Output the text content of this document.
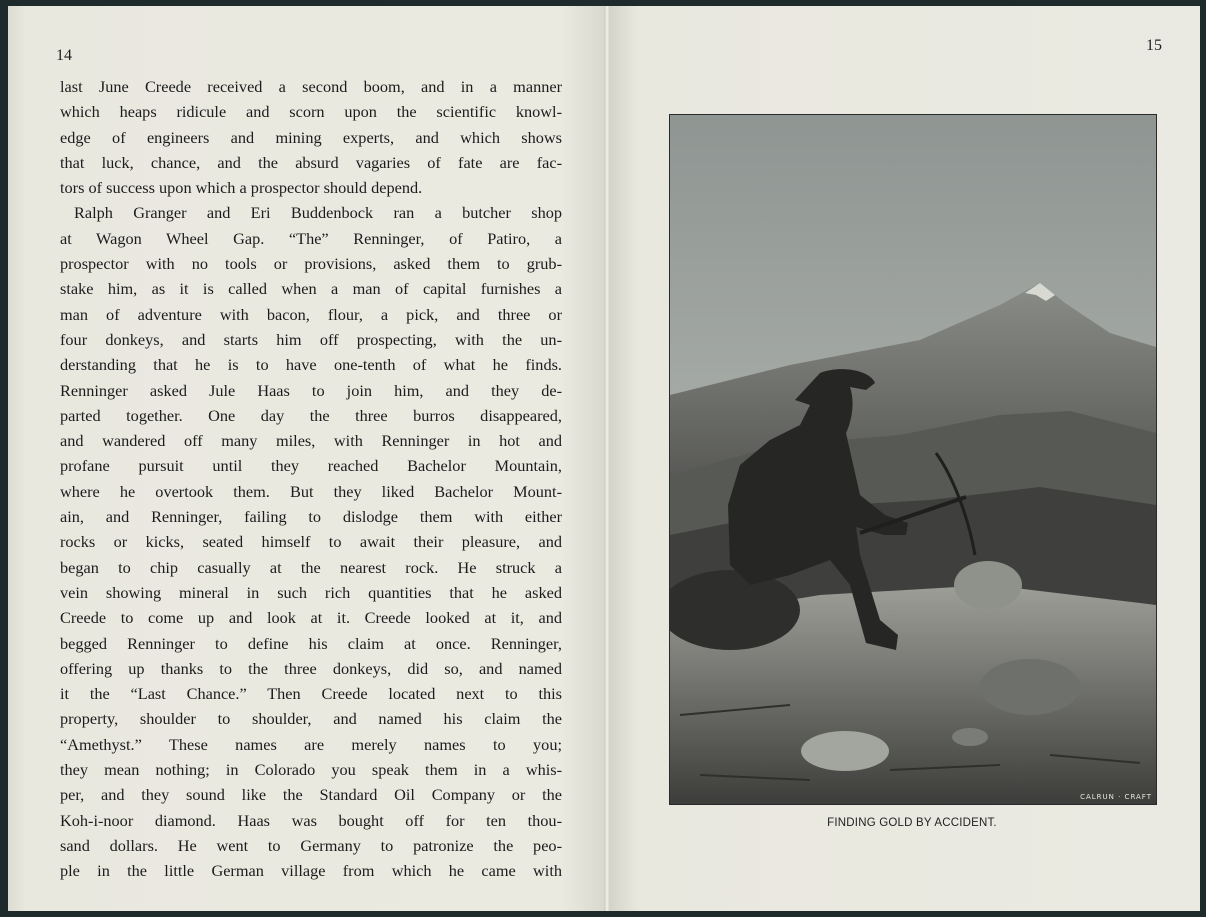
14
last June Creede received a second boom, and in a manner
which heaps ridicule and scorn upon the scientific knowl-
edge of engineers and mining experts, and which shows
that luck, chance, and the absurd vagaries of fate are fac-
tors of success upon which a prospector should depend.
Ralph Granger and Eri Buddenbock ran a butcher shop
at Wagon Wheel Gap. “The” Renninger, of Patiro, a
prospector with no tools or provisions, asked them to grub-
stake him, as it is called when a man of capital furnishes a
man of adventure with bacon, flour, a pick, and three or
four donkeys, and starts him off prospecting, with the un-
derstanding that he is to have one-tenth of what he finds.
Renninger asked Jule Haas to join him, and they de-
parted together. One day the three burros disappeared,
and wandered off many miles, with Renninger in hot and
profane pursuit until they reached Bachelor Mountain,
where he overtook them. But they liked Bachelor Mount-
ain, and Renninger, failing to dislodge them with either
rocks or kicks, seated himself to await their pleasure, and
began to chip casually at the nearest rock. He struck a
vein showing mineral in such rich quantities that he asked
Creede to come up and look at it. Creede looked at it, and
begged Renninger to define his claim at once. Renninger,
offering up thanks to the three donkeys, did so, and named
it the “Last Chance.” Then Creede located next to this
property, shoulder to shoulder, and named his claim the
“Amethyst.” These names are merely names to you;
they mean nothing; in Colorado you speak them in a whis-
per, and they sound like the Standard Oil Company or the
Koh-i-noor diamond. Haas was bought off for ten thou-
sand dollars. He went to Germany to patronize the peo-
ple in the little German village from which he came with
15
CALRUN · CRAFT
FINDING GOLD BY ACCIDENT.
